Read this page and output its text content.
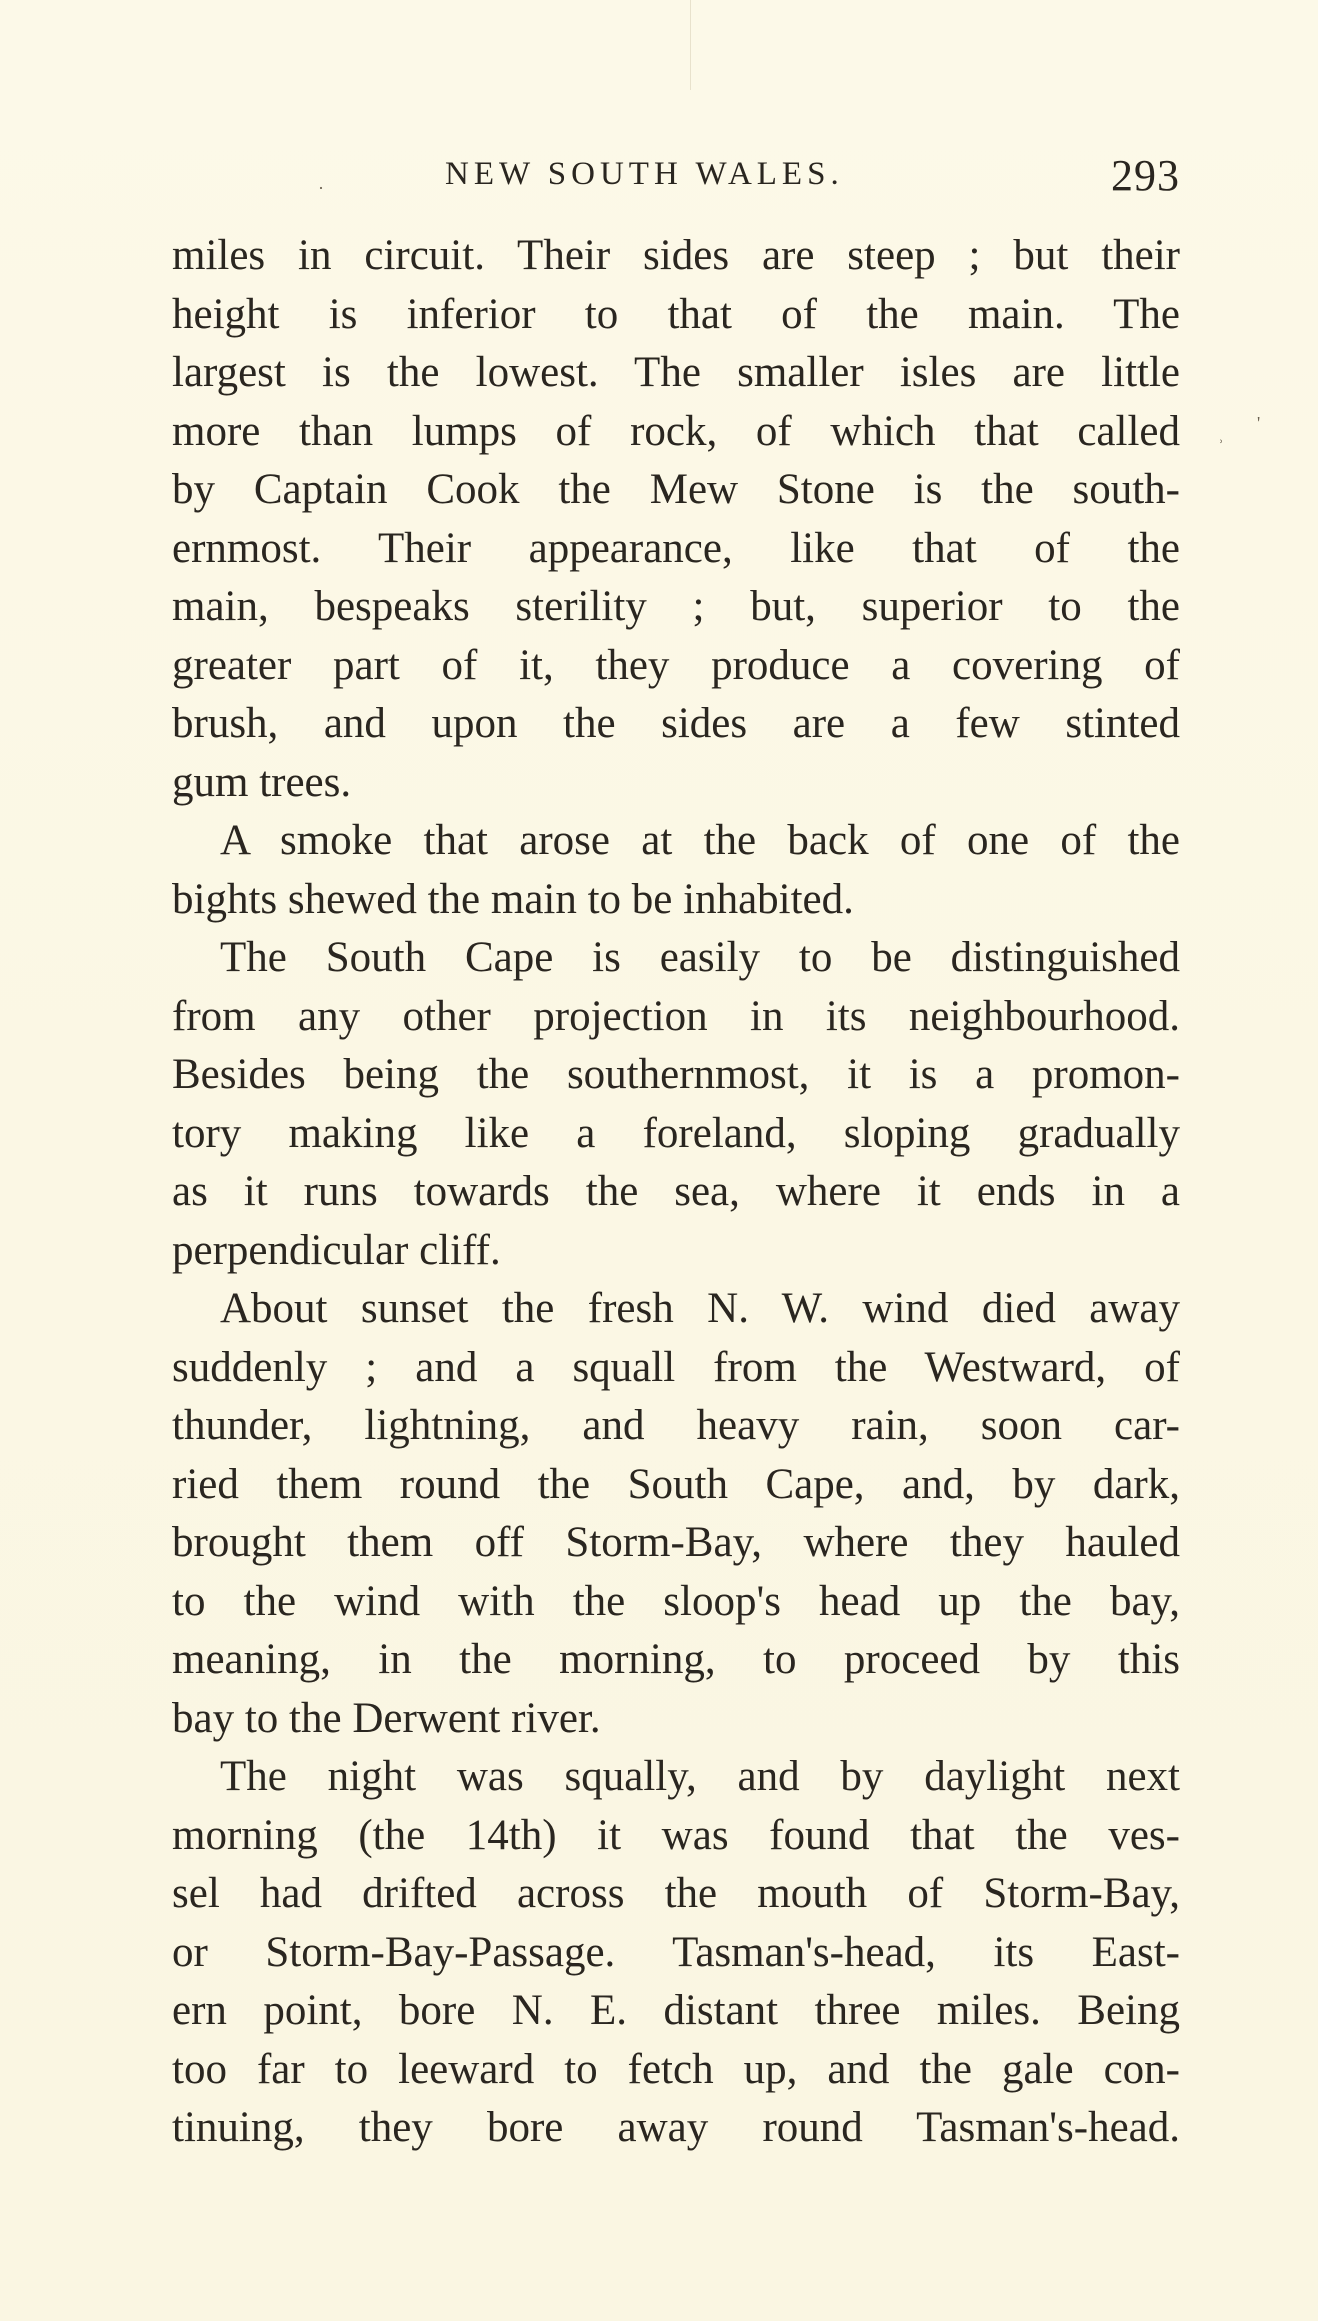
NEW SOUTH WALES.	293
·
˒
'
miles in circuit. Their sides are steep ; but their
height is inferior to that of the main. The
largest is the lowest. The smaller isles are little
more than lumps of rock, of which that called
by Captain Cook the Mew Stone is the south-
ernmost. Their appearance, like that of the
main, bespeaks sterility ; but, superior to the
greater part of it, they produce a covering of
brush, and upon the sides are a few stinted
gum trees.
A smoke that arose at the back of one of the
bights shewed the main to be inhabited.
The South Cape is easily to be distinguished
from any other projection in its neighbourhood.
Besides being the southernmost, it is a promon-
tory making like a foreland, sloping gradually
as it runs towards the sea, where it ends in a
perpendicular cliff.
About sunset the fresh N. W. wind died away
suddenly ; and a squall from the Westward, of
thunder, lightning, and heavy rain, soon car-
ried them round the South Cape, and, by dark,
brought them off Storm-Bay, where they hauled
to the wind with the sloop's head up the bay,
meaning, in the morning, to proceed by this
bay to the Derwent river.
The night was squally, and by daylight next
morning (the 14th) it was found that the ves-
sel had drifted across the mouth of Storm-Bay,
or Storm-Bay-Passage. Tasman's-head, its East-
ern point, bore N. E. distant three miles. Being
too far to leeward to fetch up, and the gale con-
tinuing, they bore away round Tasman's-head.
